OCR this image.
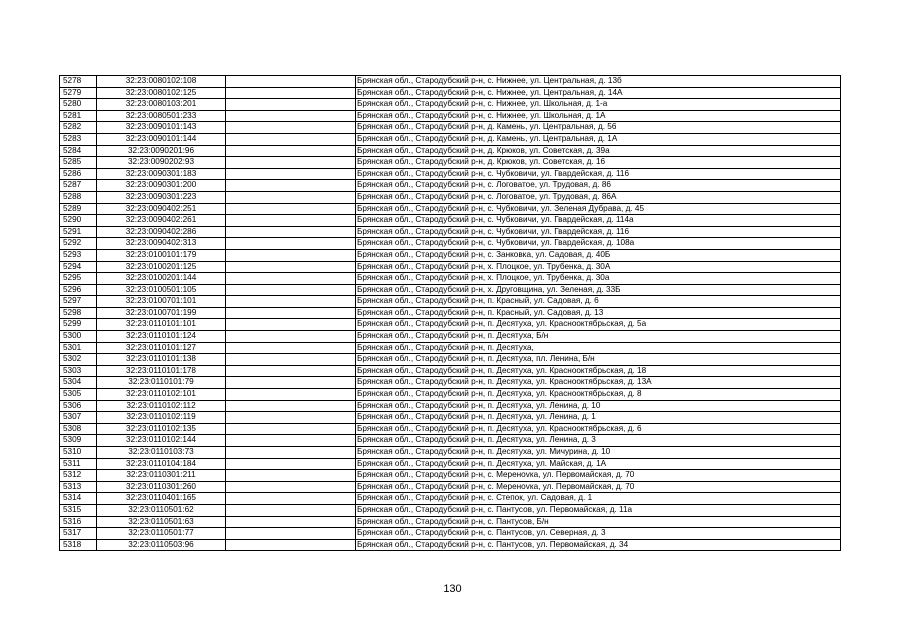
5278	32:23:0080102:108		Брянская обл., Стародубский р-н, с. Нижнее, ул. Центральная, д. 13б
5279	32:23:0080102:125		Брянская обл., Стародубский р-н, с. Нижнее, ул. Центральная, д. 14А
5280	32:23:0080103:201		Брянская обл., Стародубский р-н, с. Нижнее, ул. Школьная, д. 1-а
5281	32:23:0080501:233		Брянская обл., Стародубский р-н, с. Нижнее, ул. Школьная, д. 1А
5282	32:23:0090101:143		Брянская обл., Стародубский р-н, д. Камень, ул. Центральная, д. 56
5283	32:23:0090101:144		Брянская обл., Стародубский р-н, д. Камень, ул. Центральная, д. 1А
5284	32:23:0090201:96		Брянская обл., Стародубский р-н, д. Крюков, ул. Советская, д. 39а
5285	32:23:0090202:93		Брянская обл., Стародубский р-н, д. Крюков, ул. Советская, д. 16
5286	32:23:0090301:183		Брянская обл., Стародубский р-н, с. Чубковичи, ул. Гвардейская, д. 116
5287	32:23:0090301:200		Брянская обл., Стародубский р-н, с. Логоватое, ул. Трудовая, д. 86
5288	32:23:0090301:223		Брянская обл., Стародубский р-н, с. Логоватое, ул. Трудовая, д. 86А
5289	32:23:0090402:251		Брянская обл., Стародубский р-н, с. Чубковичи, ул. Зеленая Дубрава, д. 45
5290	32:23:0090402:261		Брянская обл., Стародубский р-н, с. Чубковичи, ул. Гвардейская, д. 114а
5291	32:23:0090402:286		Брянская обл., Стародубский р-н, с. Чубковичи, ул. Гвардейская, д. 116
5292	32:23:0090402:313		Брянская обл., Стародубский р-н, с. Чубковичи, ул. Гвардейская, д. 108а
5293	32:23:0100101:179		Брянская обл., Стародубский р-н, с. Занковка, ул. Садовая, д. 40Б
5294	32:23:0100201:125		Брянская обл., Стародубский р-н, х. Плоцкое, ул. Трубенка, д. 30А
5295	32:23:0100201:144		Брянская обл., Стародубский р-н, х. Плоцкое, ул. Трубенка, д. 30а
5296	32:23:0100501:105		Брянская обл., Стародубский р-н, х. Друговщина, ул. Зеленая, д. 33Б
5297	32:23:0100701:101		Брянская обл., Стародубский р-н, п. Красный, ул. Садовая, д. 6
5298	32:23:0100701:199		Брянская обл., Стародубский р-н, п. Красный, ул. Садовая, д. 13
5299	32:23:0110101:101		Брянская обл., Стародубский р-н, п. Десятуха, ул. Краснооктябрьская, д. 5а
5300	32:23:0110101:124		Брянская обл., Стародубский р-н, п. Десятуха, Б/н
5301	32:23:0110101:127		Брянская обл., Стародубский р-н, п. Десятуха,
5302	32:23:0110101:138		Брянская обл., Стародубский р-н, п. Десятуха, пл. Ленина, Б/н
5303	32:23:0110101:178		Брянская обл., Стародубский р-н, п. Десятуха, ул. Краснооктябрьская, д. 18
5304	32:23:0110101:79		Брянская обл., Стародубский р-н, п. Десятуха, ул. Краснооктябрьская, д. 13А
5305	32:23:0110102:101		Брянская обл., Стародубский р-н, п. Десятуха, ул. Краснооктябрьская, д. 8
5306	32:23:0110102:112		Брянская обл., Стародубский р-н, п. Десятуха, ул. Ленина, д. 10
5307	32:23:0110102:119		Брянская обл., Стародубский р-н, п. Десятуха, ул. Ленина, д. 1
5308	32:23:0110102:135		Брянская обл., Стародубский р-н, п. Десятуха, ул. Краснооктябрьская, д. 6
5309	32:23:0110102:144		Брянская обл., Стародубский р-н, п. Десятуха, ул. Ленина, д. 3
5310	32:23:0110103:73		Брянская обл., Стародубский р-н, п. Десятуха, ул. Мичурина, д. 10
5311	32:23:0110104:184		Брянская обл., Стародубский р-н, п. Десятуха, ул. Майская, д. 1А
5312	32:23:0110301:211		Брянская обл., Стародубский р-н, с. Меренovка, ул. Первомайская, д. 70
5313	32:23:0110301:260		Брянская обл., Стародубский р-н, с. Меренovка, ул. Первомайская, д. 70
5314	32:23:0110401:165		Брянская обл., Стародубский р-н, с. Степок, ул. Садовая, д. 1
5315	32:23:0110501:62		Брянская обл., Стародубский р-н, с. Пантусов, ул. Первомайская, д. 11а
5316	32:23:0110501:63		Брянская обл., Стародубский р-н, с. Пантусов, Б/н
5317	32:23:0110501:77		Брянская обл., Стародубский р-н, с. Пантусов, ул. Северная, д. 3
5318	32:23:0110503:96		Брянская обл., Стародубский р-н, с. Пантусов, ул. Первомайская, д. 34
130
